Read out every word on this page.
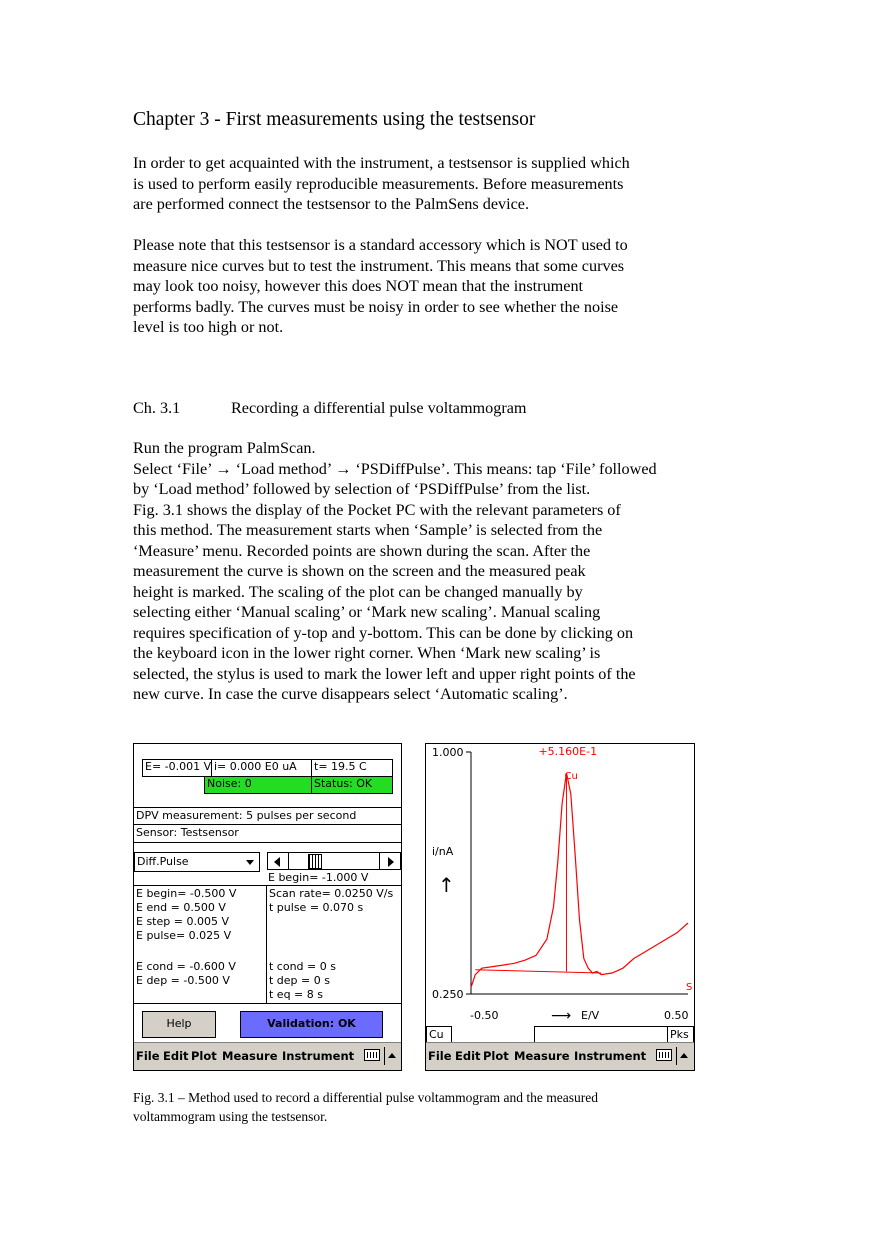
Chapter 3 - First measurements using the testsensor
In order to get acquainted with the instrument, a testsensor is supplied which
is used to perform easily reproducible measurements. Before measurements
are performed connect the testsensor to the PalmSens device.
Please note that this testsensor is a standard accessory which is NOT used to
measure nice curves but to test the instrument. This means that some curves
may look too noisy, however this does NOT mean that the instrument
performs badly. The curves must be noisy in order to see whether the noise
level is too high or not.
Ch. 3.1	Recording a differential pulse voltammogram
Run the program PalmScan.
Select ‘File’ → ‘Load method’ → ‘PSDiffPulse’. This means: tap ‘File’ followed
by ‘Load method’ followed by selection of ‘PSDiffPulse’ from the list.
Fig. 3.1 shows the display of the Pocket PC with the relevant parameters of
this method. The measurement starts when ‘Sample’ is selected from the
‘Measure’ menu. Recorded points are shown during the scan. After the
measurement the curve is shown on the screen and the measured peak
height is marked. The scaling of the plot can be changed manually by
selecting either ‘Manual scaling’ or ‘Mark new scaling’. Manual scaling
requires specification of y-top and y-bottom. This can be done by clicking on
the keyboard icon in the lower right corner. When ‘Mark new scaling’ is
selected, the stylus is used to mark the lower left and upper right points of the
new curve. In case the curve disappears select ‘Automatic scaling’.
E= -0.001 V i= 0.000 E0 uA	t= 19.5 C
Noise: 0	Status: OK
DPV measurement: 5 pulses per second
Sensor: Testsensor
Diff.Pulse
E begin= -1.000 V
E begin= -0.500 V
E end = 0.500 V
E step = 0.005 V
E pulse= 0.025 V
E cond = -0.600 V
E dep = -0.500 V
Scan rate= 0.0250 V/s
t pulse = 0.070 s
t cond = 0 s
t dep = 0 s
t eq = 8 s
Help	Validation: OK
File Edit Plot Measure Instrument
1.000
0.250
-0.50	0.50
i/nA
↑
⟶ E/V
+5.160E-1
Cu
S
Cu	Pks
File Edit Plot Measure Instrument
Fig. 3.1 – Method used to record a differential pulse voltammogram and the measured
voltammogram using the testsensor.
